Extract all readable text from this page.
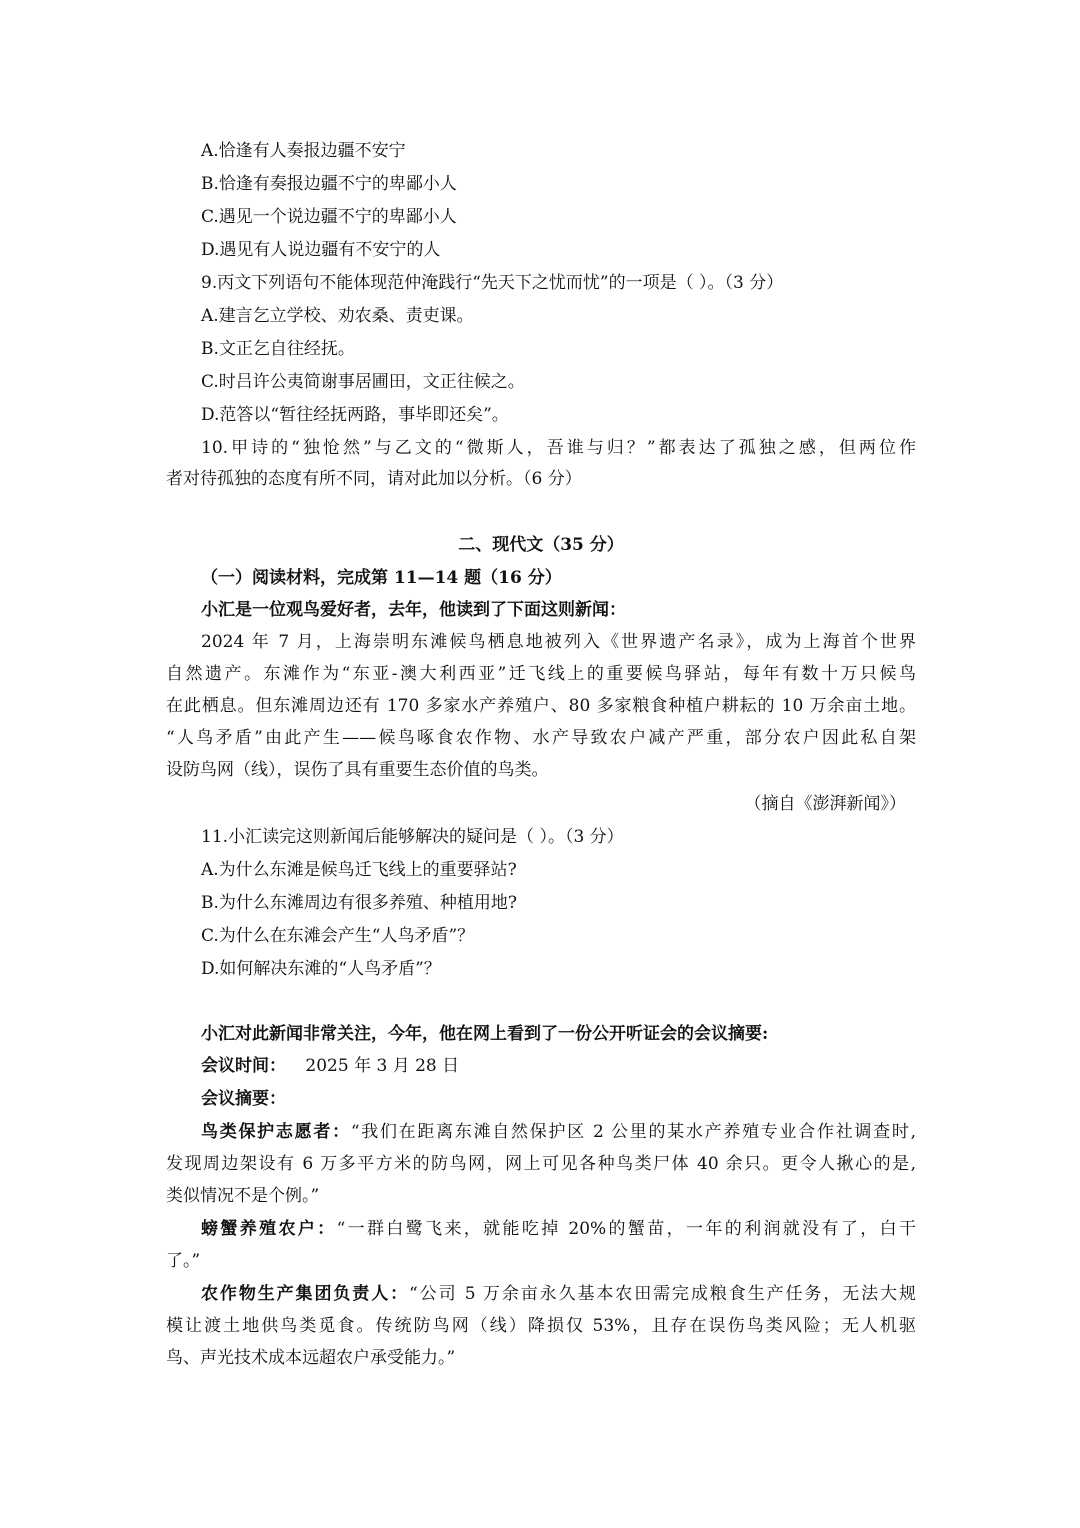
A.恰逢有人奏报边疆不安宁
B.恰逢有奏报边疆不宁的卑鄙小人
C.遇见一个说边疆不宁的卑鄙小人
D.遇见有人说边疆有不安宁的人
9.丙文下列语句不能体现范仲淹践行“先天下之忧而忧”的一项是（ ）。（3 分）
A.建言乞立学校、劝农桑、责吏课。
B.文正乞自往经抚。
C.时吕许公夷简谢事居圃田，文正往候之。
D.范答以“暂往经抚两路，事毕即还矣”。
10.甲诗的“独怆然”与乙文的“微斯人，吾谁与归？”都表达了孤独之感，但两位作
者对待孤独的态度有所不同，请对此加以分析。（6 分）
二、现代文（35 分）
（一）阅读材料，完成第 11—14 题（16 分）
小汇是一位观鸟爱好者，去年，他读到了下面这则新闻：
2024 年 7 月，上海崇明东滩候鸟栖息地被列入《世界遗产名录》，成为上海首个世界
自然遗产。东滩作为“东亚-澳大利西亚”迁飞线上的重要候鸟驿站，每年有数十万只候鸟
在此栖息。但东滩周边还有 170 多家水产养殖户、80 多家粮食种植户耕耘的 10 万余亩土地。
“人鸟矛盾”由此产生——候鸟啄食农作物、水产导致农户减产严重，部分农户因此私自架
设防鸟网（线），误伤了具有重要生态价值的鸟类。
（摘自《澎湃新闻》）
11.小汇读完这则新闻后能够解决的疑问是（ ）。（3 分）
A.为什么东滩是候鸟迁飞线上的重要驿站?
B.为什么东滩周边有很多养殖、种植用地?
C.为什么在东滩会产生“人鸟矛盾”？
D.如何解决东滩的“人鸟矛盾”？
小汇对此新闻非常关注，今年，他在网上看到了一份公开听证会的会议摘要:
会议时间： 2025 年 3 月 28 日
会议摘要：
鸟类保护志愿者：“我们在距离东滩自然保护区 2 公里的某水产养殖专业合作社调查时,
发现周边架设有 6 万多平方米的防鸟网，网上可见各种鸟类尸体 40 余只。更令人揪心的是,
类似情况不是个例。”
螃蟹养殖农户：“一群白鹭飞来，就能吃掉 20%的蟹苗，一年的利润就没有了，白干
了。”
农作物生产集团负责人：“公司 5 万余亩永久基本农田需完成粮食生产任务，无法大规
模让渡土地供鸟类觅食。传统防鸟网（线）降损仅 53%，且存在误伤鸟类风险；无人机驱
鸟、声光技术成本远超农户承受能力。”
